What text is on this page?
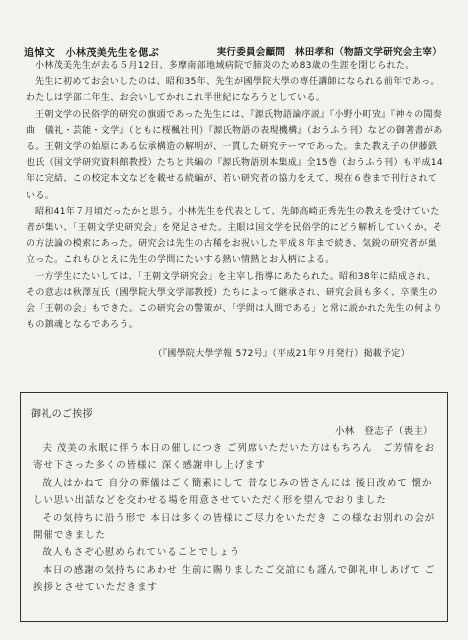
追悼文　小林茂美先生を偲ぶ	実行委員会顧問　林田孝和（物語文学研究会主宰）

小林茂美先生が去る５月12日、多摩南部地域病院で肺炎のため83歳の生涯を閉じられた。

先生に初めてお会いしたのは、昭和35年、先生が國學院大學の専任講師になられる前年であっ。わたしは学部二年生、お会いしてかれこれ半世紀になろうとしている。

王朝文学の民俗学的研究の旗頭であった先生には、『源氏物語論序説』『小野小町攷』『神々の聞奏曲　儀礼・芸能・文学』（ともに桜楓社刊）『源氏物語の表現機構』（おうふう刊）などの御著書がある。王朝文学の始原にある伝承構造の解明が、一貫した研究テーマであった。また教え子の伊藤鉄也氏（国文学研究資料館教授）たちと共編の『源氏物語別本集成』全15巻（おうふう刊）も平成14年に完結、この校定本文などを載せる続編が、若い研究者の協力をえて、現在６巻まで刊行されている。

昭和41年７月頃だったかと思う。小林先生を代表として、先師高崎正秀先生の教えを受けていた者が集い、「王朝文学史研究会」を発足させた。主眼は国文学を民俗学的にどう解析していくか、その方法論の模索にあった。研究会は先生の古稀をお祝いした平成８年まで続き、気鋭の研究者が巣立った。これもひとえに先生の学問にたいする熱い情熱とお人柄による。

一方学生にたいしては、「王朝文学研究会」を主宰し指導にあたられた。昭和38年に結成され、その意志は秋澤亙氏（國學院大學文学部教授）たちによって継承され、研究会員も多く、卒業生の会「王朝の会」もできた。この研究会の警策が、「学問は人間である」と常に説かれた先生の何よりもの鎮魂となるであろう。

（『國學院大學学報 572号』（平成21年９月発行）掲載予定）
御礼のご挨拶
小林　登志子（喪主）

夫 茂美の永眠に伴う本日の催しにつき ご列席いただいた方はもちろん　ご芳情をお寄せ下さった多くの皆様に 深く感謝申し上げます

故人はかねて 自分の葬儀はごく簡素にして 昔なじみの皆さんには 後日改めて 懐かしい思い出話などを交わせる場を用意させていただく形を望んでおりました

その気持ちに沿う形で 本日は多くの皆様にご尽力をいただき この様なお別れの会が開催できました

故人もさぞ心慰められていることでしょう

本日の感謝の気持ちにあわせ 生前に賜りましたご交誼にも謹んで御礼申しあげて ご挨拶とさせていただきます
